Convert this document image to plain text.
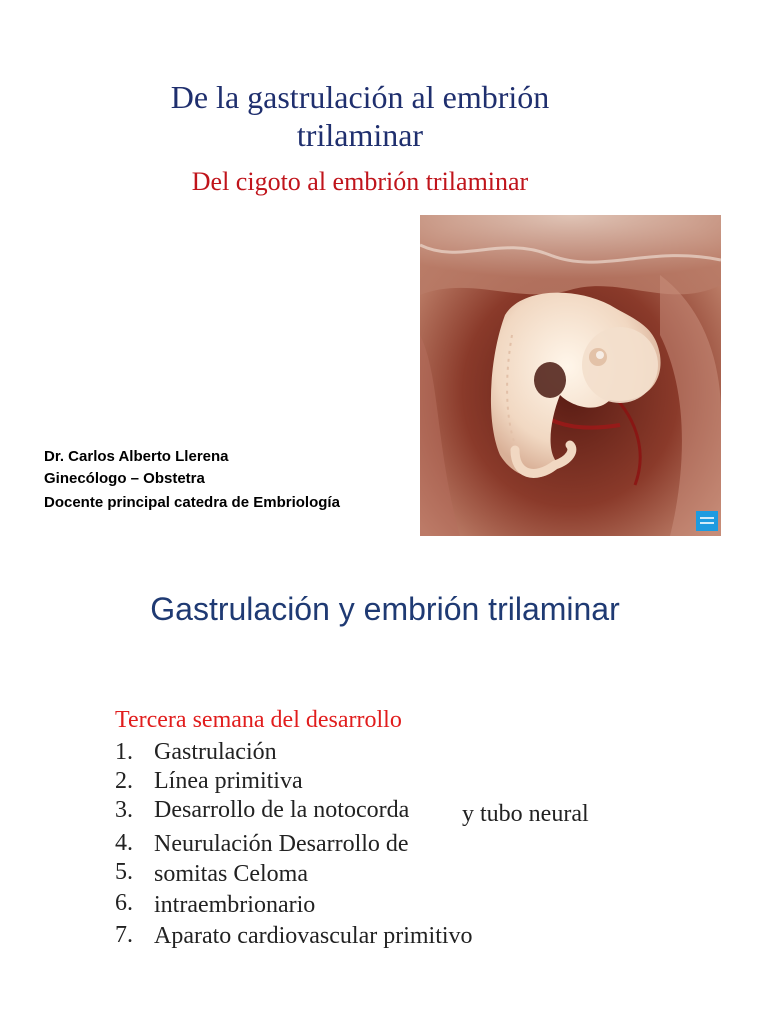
De la gastrulación al embrión
trilaminar
Del cigoto al embrión trilaminar
Dr. Carlos Alberto Llerena
Ginecólogo – Obstetra
Docente principal catedra de Embriología
Gastrulación y embrión trilaminar
Tercera semana del desarrollo
1. Gastrulación
2. Línea primitiva
3. Desarrollo de la notocorda y tubo neural
4. Neurulación Desarrollo de
5. somitas Celoma
6. intraembrionario
7. Aparato cardiovascular primitivo
